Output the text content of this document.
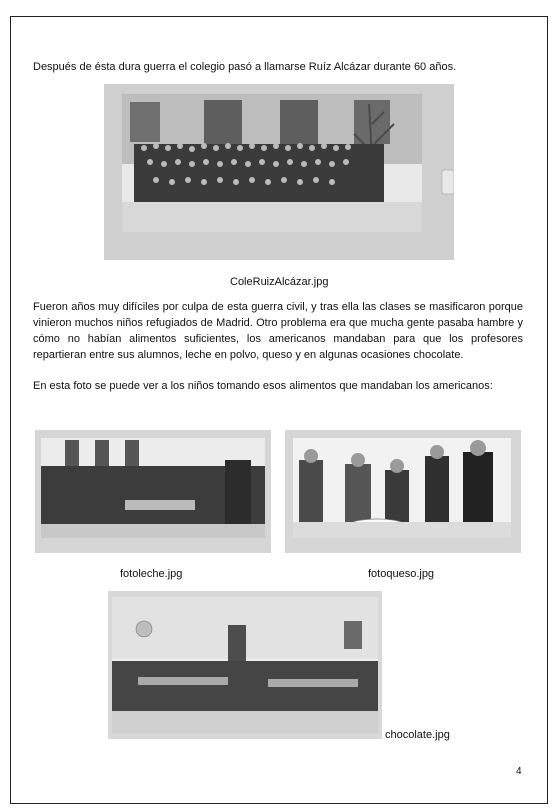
Después de ésta dura guerra el colegio pasó a llamarse Ruíz Alcázar durante 60 años.

ColeRuizAlcázar.jpg

Fueron años muy difíciles por culpa de esta guerra civil, y tras ella las clases se masificaron porque vinieron muchos niños refugiados de Madrid. Otro problema era que mucha gente pasaba hambre y cómo no habían alimentos suficientes, los americanos mandaban para que los profesores repartieran entre sus alumnos, leche en polvo, queso y en algunas ocasiones chocolate.

En esta foto se puede ver a los niños tomando esos alimentos que mandaban los americanos:

fotoleche.jpg	fotoqueso.jpg
chocolate.jpg
4
